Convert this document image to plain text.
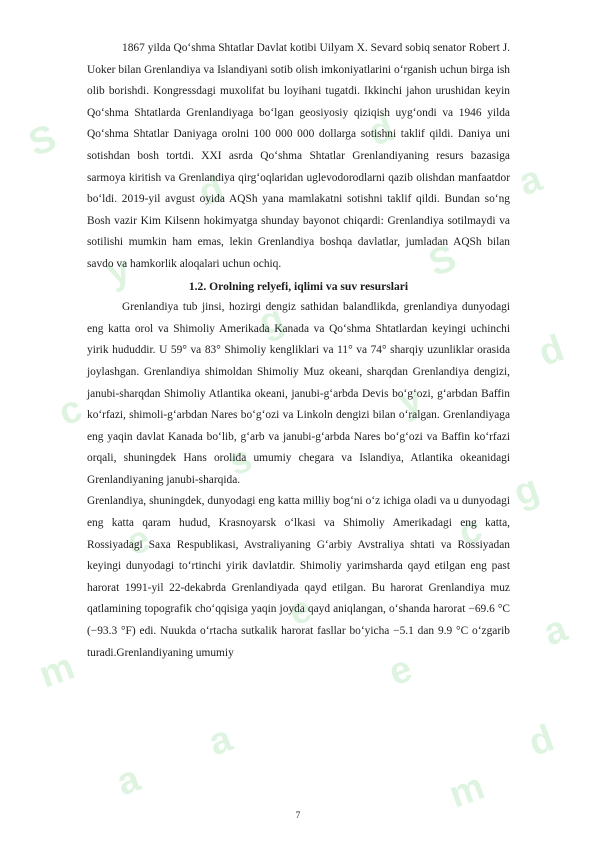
S
y
c
e
m
a
d
g
s
e
a
d
S
y
c
e
m
a
d
g
a
d

1867 yilda Qo‘shma Shtatlar Davlat kotibi Uilyam X. Sevard sobiq senator Robert J. Uoker bilan Grenlandiya va Islandiyani sotib olish imkoniyatlarini o‘rganish uchun birga ish olib borishdi. Kongressdagi muxolifat bu loyihani tugatdi. Ikkinchi jahon urushidan keyin Qo‘shma Shtatlarda Grenlandiyaga bo‘lgan geosiyosiy qiziqish uyg‘ondi va 1946 yilda Qo‘shma Shtatlar Daniyaga orolni 100 000 000 dollarga sotishni taklif qildi. Daniya uni sotishdan bosh tortdi. XXI asrda Qo‘shma Shtatlar Grenlandiyaning resurs bazasiga sarmoya kiritish va Grenlandiya qirg‘oqlaridan uglevodorodlarni qazib olishdan manfaatdor bo‘ldi. 2019-yil avgust oyida AQSh yana mamlakatni sotishni taklif qildi. Bundan so‘ng Bosh vazir Kim Kilsenn hokimyatga shunday bayonot chiqardi: Grenlandiya sotilmaydi va sotilishi mumkin ham emas, lekin Grenlandiya boshqa davlatlar, jumladan AQSh bilan savdo va hamkorlik aloqalari uchun ochiq.

1.2. Orolning relyefi, iqlimi va suv resurslari

Grenlandiya tub jinsi, hozirgi dengiz sathidan balandlikda, grenlandiya dunyodagi eng katta orol va Shimoliy Amerikada Kanada va Qo‘shma Shtatlardan keyingi uchinchi yirik hududdir. U 59° va 83° Shimoliy kengliklari va 11° va 74° sharqiy uzunliklar orasida joylashgan. Grenlandiya shimoldan Shimoliy Muz okeani, sharqdan Grenlandiya dengizi, janubi-sharqdan Shimoliy Atlantika okeani, janubi-g‘arbda Devis bo‘g‘ozi, g‘arbdan Baffin ko‘rfazi, shimoli-g‘arbdan Nares bo‘g‘ozi va Linkoln dengizi bilan o‘ralgan. Grenlandiyaga eng yaqin davlat Kanada bo‘lib, g‘arb va janubi-g‘arbda Nares bo‘g‘ozi va Baffin ko‘rfazi orqali, shuningdek Hans orolida umumiy chegara va Islandiya, Atlantika okeanidagi Grenlandiyaning janubi-sharqida.

Grenlandiya, shuningdek, dunyodagi eng katta milliy bog‘ni o‘z ichiga oladi va u dunyodagi eng katta qaram hudud, Krasnoyarsk o‘lkasi va Shimoliy Amerikadagi eng katta, Rossiyadagi Saxa Respublikasi, Avstraliyaning G‘arbiy Avstraliya shtati va Rossiyadan keyingi dunyodagi to‘rtinchi yirik davlatdir. Shimoliy yarimsharda qayd etilgan eng past harorat 1991-yil 22-dekabrda Grenlandiyada qayd etilgan. Bu harorat Grenlandiya muz qatlamining topografik cho‘qqisiga yaqin joyda qayd aniqlangan, o‘shanda harorat −69.6 °C (−93.3 °F) edi. Nuukda o‘rtacha sutkalik harorat fasllar bo‘yicha −5.1 dan 9.9 °C o‘zgarib turadi.Grenlandiyaning umumiy

7
